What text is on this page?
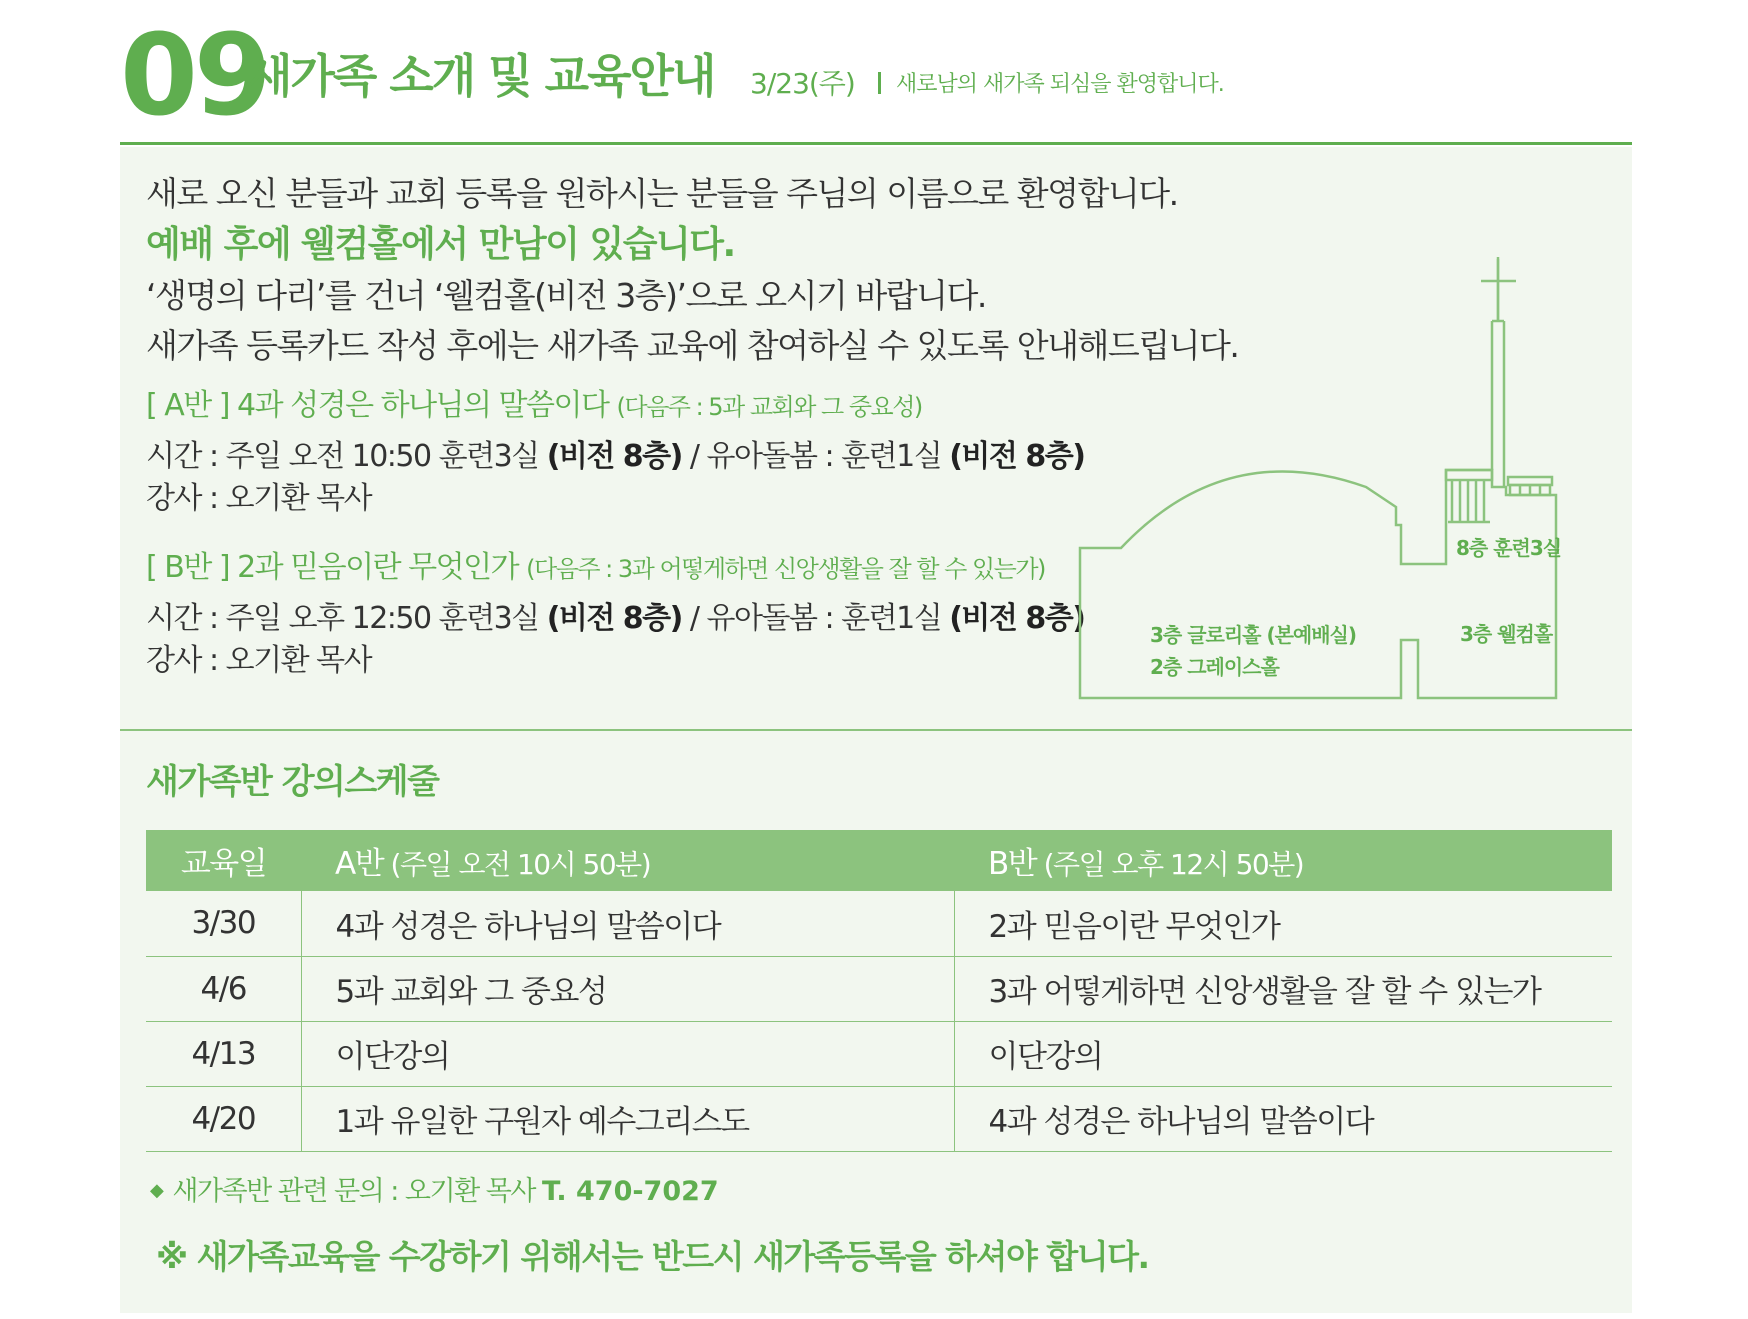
09
새가족 소개 및 교육안내 3/23(주) 새로남의 새가족 되심을 환영합니다.
새로 오신 분들과 교회 등록을 원하시는 분들을 주님의 이름으로 환영합니다.
예배 후에 웰컴홀에서 만남이 있습니다.
‘생명의 다리’를 건너 ‘웰컴홀(비전 3층)’으로 오시기 바랍니다.
새가족 등록카드 작성 후에는 새가족 교육에 참여하실 수 있도록 안내해드립니다.
[ A반 ] 4과 성경은 하나님의 말씀이다 (다음주 : 5과 교회와 그 중요성)
시간 : 주일 오전 10:50 훈련3실 (비전 8층) / 유아돌봄 : 훈련1실 (비전 8층)
강사 : 오기환 목사
[ B반 ] 2과 믿음이란 무엇인가 (다음주 : 3과 어떻게하면 신앙생활을 잘 할 수 있는가)
시간 : 주일 오후 12:50 훈련3실 (비전 8층) / 유아돌봄 : 훈련1실 (비전 8층)
강사 : 오기환 목사
8층 훈련3실
3층 웰컴홀
3층 글로리홀 (본예배실)
2층 그레이스홀
새가족반 강의스케줄
교육일	A반 (주일 오전 10시 50분)	B반 (주일 오후 12시 50분)
3/30	4과 성경은 하나님의 말씀이다	2과 믿음이란 무엇인가
4/6	5과 교회와 그 중요성	3과 어떻게하면 신앙생활을 잘 할 수 있는가
4/13	이단강의	이단강의
4/20	1과 유일한 구원자 예수그리스도	4과 성경은 하나님의 말씀이다
◆ 새가족반 관련 문의 : 오기환 목사 T. 470-7027
※ 새가족교육을 수강하기 위해서는 반드시 새가족등록을 하셔야 합니다.
